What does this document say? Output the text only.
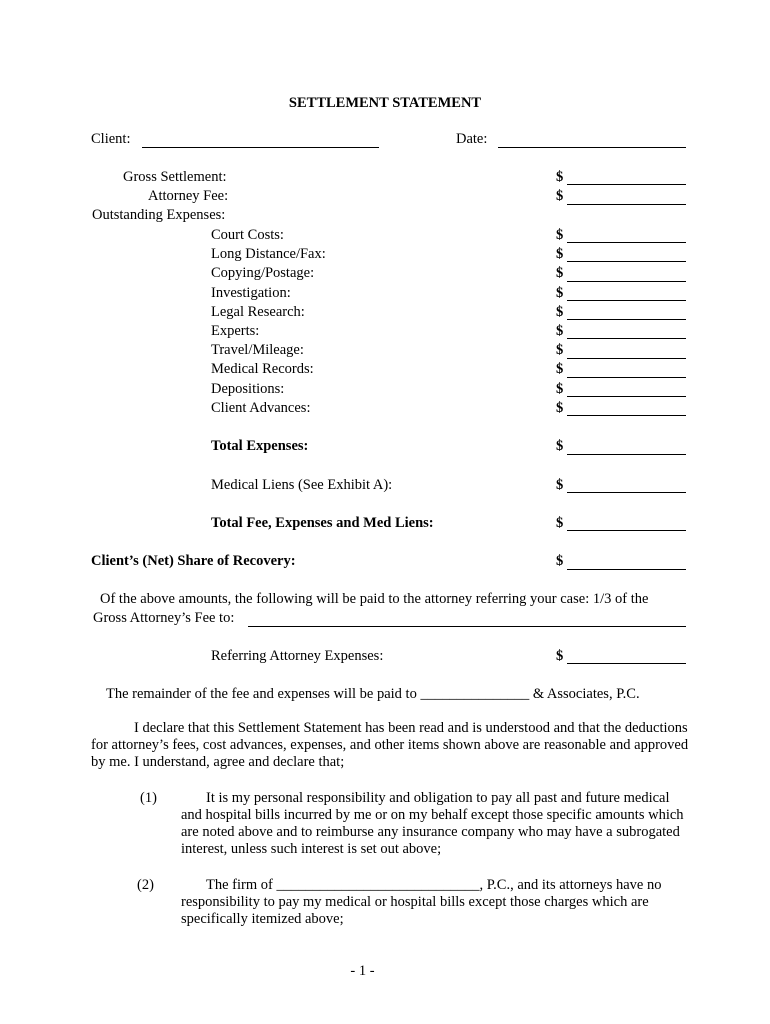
SETTLEMENT STATEMENT
Client:	Date:
Gross Settlement:	$
Attorney Fee:	$
Outstanding Expenses:
Court Costs:	$
Long Distance/Fax:	$
Copying/Postage:	$
Investigation:	$
Legal Research:	$
Experts:	$
Travel/Mileage:	$
Medical Records:	$
Depositions:	$
Client Advances:	$
Total Expenses:	$
Medical Liens (See Exhibit A):	$
Total Fee, Expenses and Med Liens:	$
Client’s (Net) Share of Recovery:	$
Of the above amounts, the following will be paid to the attorney referring your case: 1/3 of the
Gross Attorney’s Fee to:
Referring Attorney Expenses:	$
The remainder of the fee and expenses will be paid to _______________ & Associates, P.C.
I declare that this Settlement Statement has been read and is understood and that the deductions for attorney’s fees, cost advances, expenses, and other items shown above are reasonable and approved by me. I understand, agree and declare that;
(1)	It is my personal responsibility and obligation to pay all past and future medical and hospital bills incurred by me or on my behalf except those specific amounts which are noted above and to reimburse any insurance company who may have a subrogated interest, unless such interest is set out above;
(2)	The firm of ____________________________, P.C., and its attorneys have no responsibility to pay my medical or hospital bills except those charges which are specifically itemized above;
- 1 -
